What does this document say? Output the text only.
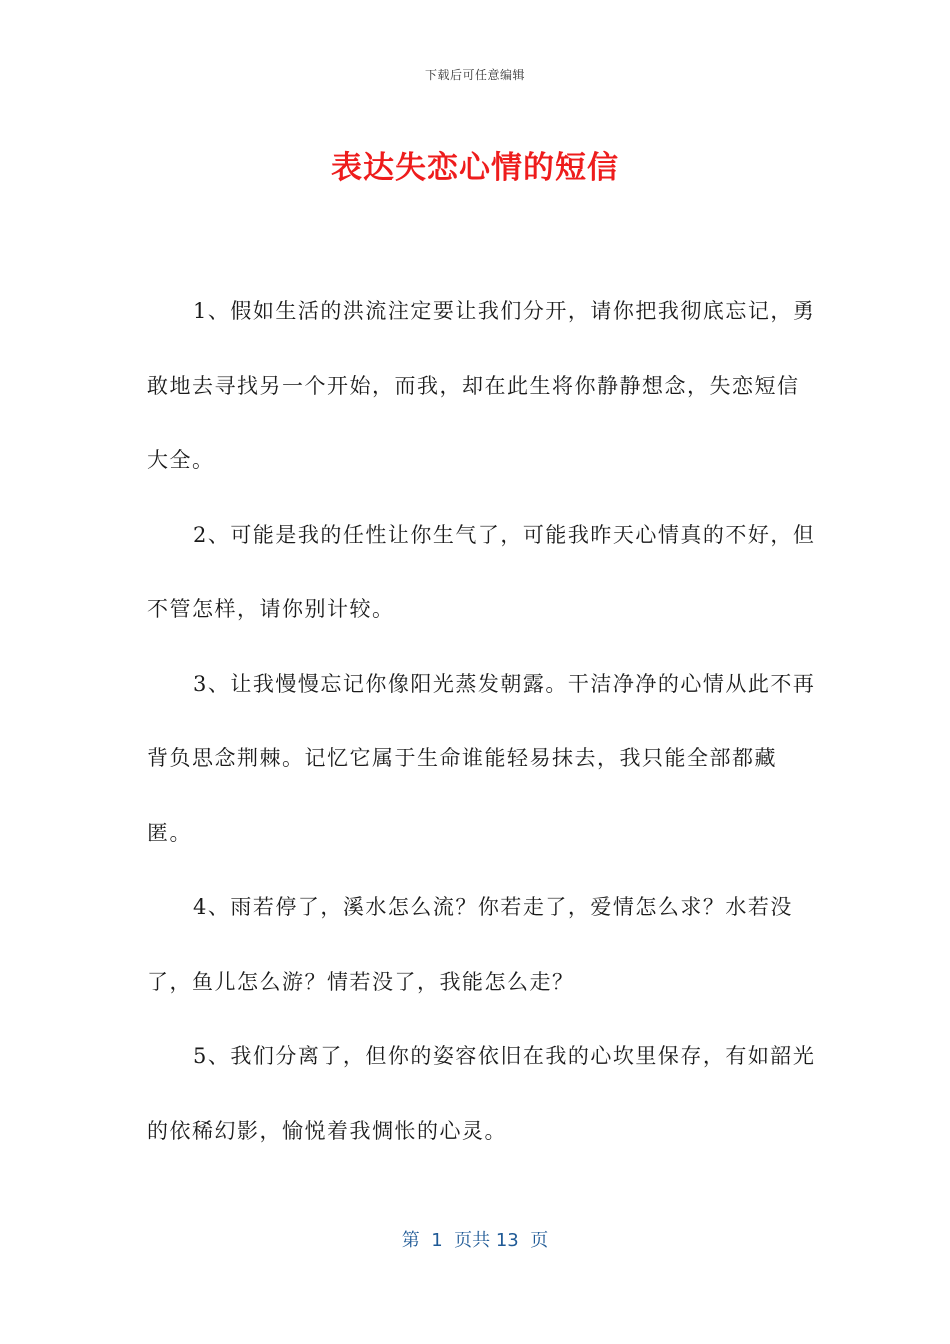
下载后可任意编辑
表达失恋心情的短信

1、假如生活的洪流注定要让我们分开，请你把我彻底忘记，勇敢地去寻找另一个开始，而我，却在此生将你静静想念，失恋短信大全。

2、可能是我的任性让你生气了，可能我昨天心情真的不好，但不管怎样，请你别计较。

3、让我慢慢忘记你像阳光蒸发朝露。干洁净净的心情从此不再背负思念荆棘。记忆它属于生命谁能轻易抹去，我只能全部都藏匿。

4、雨若停了，溪水怎么流？你若走了，爱情怎么求？水若没了，鱼儿怎么游？情若没了，我能怎么走？

5、我们分离了，但你的姿容依旧在我的心坎里保存，有如韶光的依稀幻影，愉悦着我惆怅的心灵。

第  1  页共 13  页
